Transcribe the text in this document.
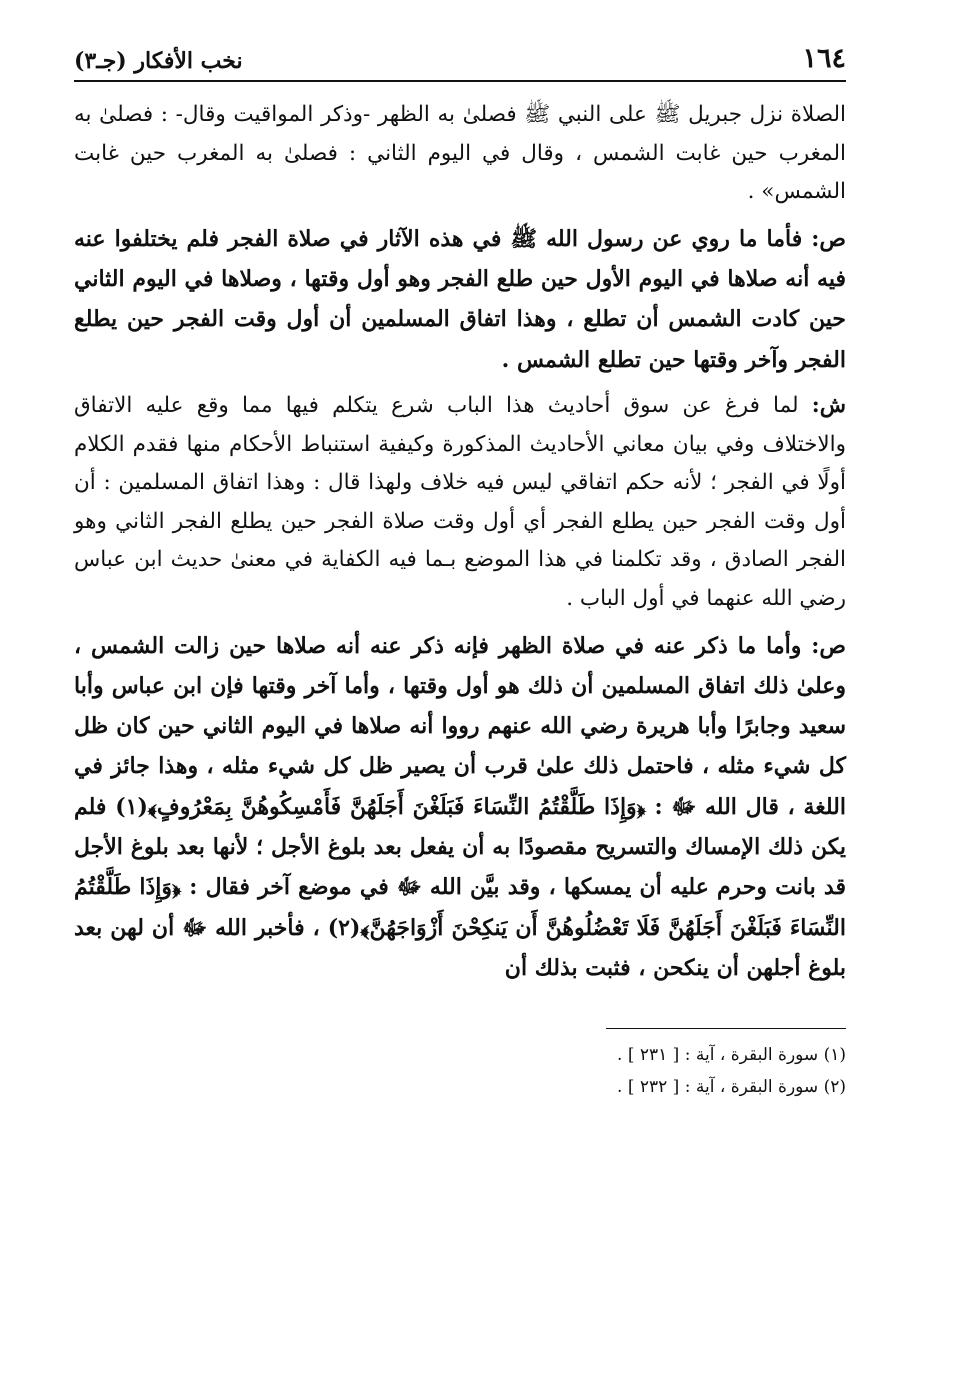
١٦٤
نخب الأفكار (جـ٣)

الصلاة نزل جبريل ﷺ على النبي ﷺ فصلىٰ به الظهر -وذكر المواقيت وقال- : فصلىٰ به المغرب حين غابت الشمس ، وقال في اليوم الثاني : فصلىٰ به المغرب حين غابت الشمس» .

ص: فأما ما روي عن رسول الله ﷺ في هذه الآثار في صلاة الفجر فلم يختلفوا عنه فيه أنه صلاها في اليوم الأول حين طلع الفجر وهو أول وقتها ، وصلاها في اليوم الثاني حين كادت الشمس أن تطلع ، وهذا اتفاق المسلمين أن أول وقت الفجر حين يطلع الفجر وآخر وقتها حين تطلع الشمس .

ش: لما فرغ عن سوق أحاديث هذا الباب شرع يتكلم فيها مما وقع عليه الاتفاق والاختلاف وفي بيان معاني الأحاديث المذكورة وكيفية استنباط الأحكام منها فقدم الكلام أولًا في الفجر ؛ لأنه حكم اتفاقي ليس فيه خلاف ولهذا قال : وهذا اتفاق المسلمين : أن أول وقت الفجر حين يطلع الفجر أي أول وقت صلاة الفجر حين يطلع الفجر الثاني وهو الفجر الصادق ، وقد تكلمنا في هذا الموضع بـما فيه الكفاية في معنىٰ حديث ابن عباس رضي الله عنهما في أول الباب .

ص: وأما ما ذكر عنه في صلاة الظهر فإنه ذكر عنه أنه صلاها حين زالت الشمس ، وعلىٰ ذلك اتفاق المسلمين أن ذلك هو أول وقتها ، وأما آخر وقتها فإن ابن عباس وأبا سعيد وجابرًا وأبا هريرة رضي الله عنهم رووا أنه صلاها في اليوم الثاني حين كان ظل كل شيء مثله ، فاحتمل ذلك علىٰ قرب أن يصير ظل كل شيء مثله ، وهذا جائز في اللغة ، قال الله ﷻ : ﴿وَإِذَا طَلَّقْتُمُ النِّسَاءَ فَبَلَغْنَ أَجَلَهُنَّ فَأَمْسِكُوهُنَّ بِمَعْرُوفٍ﴾(١) فلم يكن ذلك الإمساك والتسريح مقصودًا به أن يفعل بعد بلوغ الأجل ؛ لأنها بعد بلوغ الأجل قد بانت وحرم عليه أن يمسكها ، وقد بيَّن الله ﷻ في موضع آخر فقال : ﴿وَإِذَا طَلَّقْتُمُ النِّسَاءَ فَبَلَغْنَ أَجَلَهُنَّ فَلَا تَعْضُلُوهُنَّ أَن يَنكِحْنَ أَزْوَاجَهُنَّ﴾(٢) ، فأخبر الله ﷻ أن لهن بعد بلوغ أجلهن أن ينكحن ، فثبت بذلك أن

(١) سورة البقرة ، آية : [ ٢٣١ ] .

(٢) سورة البقرة ، آية : [ ٢٣٢ ] .
